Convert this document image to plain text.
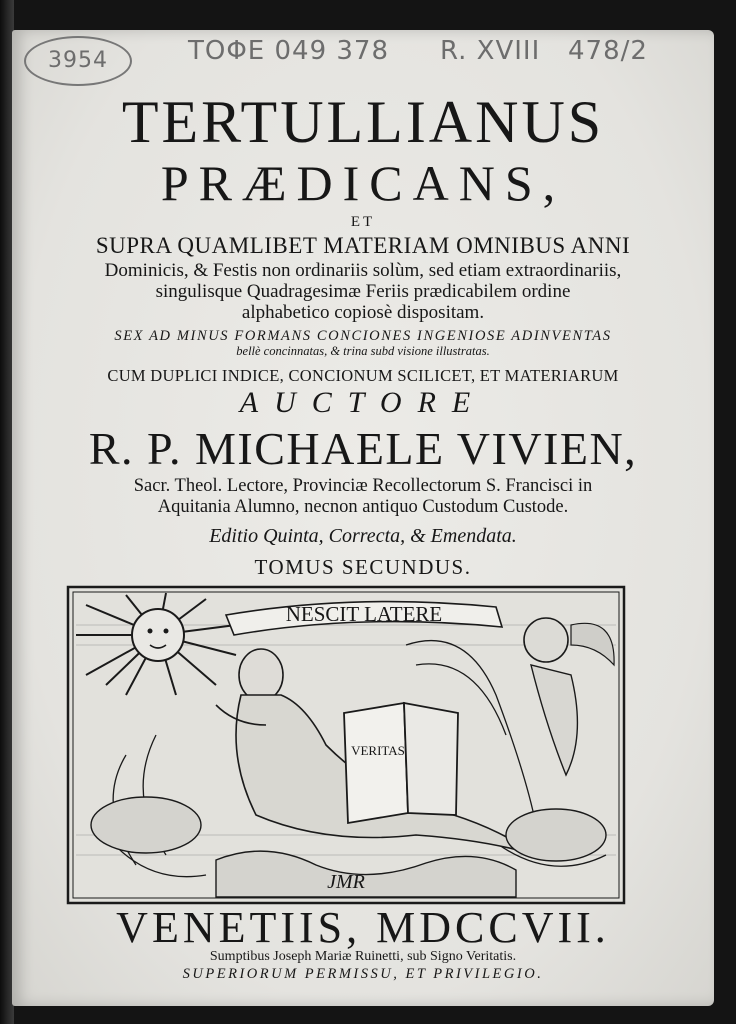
3954	TOΦE 049 378 R. XVIII 478/2
TERTULLIANUS
PRÆDICANS,
ET
SUPRA QUAMLIBET MATERIAM OMNIBUS ANNI
Dominicis, & Festis non ordinariis solùm, sed etiam extraordinariis,
singulisque Quadragesimæ Feriis prædicabilem ordine
alphabetico copiosè dispositam.
SEX AD MINUS FORMANS CONCIONES INGENIOSE ADINVENTAS
bellè concinnatas, & trina subd visione illustratas.
CUM DUPLICI INDICE, CONCIONUM SCILICET, ET MATERIARUM
AUCTORE
R. P. MICHAELE VIVIEN,
Sacr. Theol. Lectore, Provinciæ Recollectorum S. Francisci in
Aquitania Alumno, necnon antiquo Custodum Custode.
Editio Quinta, Correcta, & Emendata.
TOMUS SECUNDUS.
NESCIT LATERE
VERITAS
JMR
VENETIIS, MDCCVII.
Sumptibus Joseph Mariæ Ruinetti, sub Signo Veritatis.
SUPERIORUM PERMISSU, ET PRIVILEGIO.
